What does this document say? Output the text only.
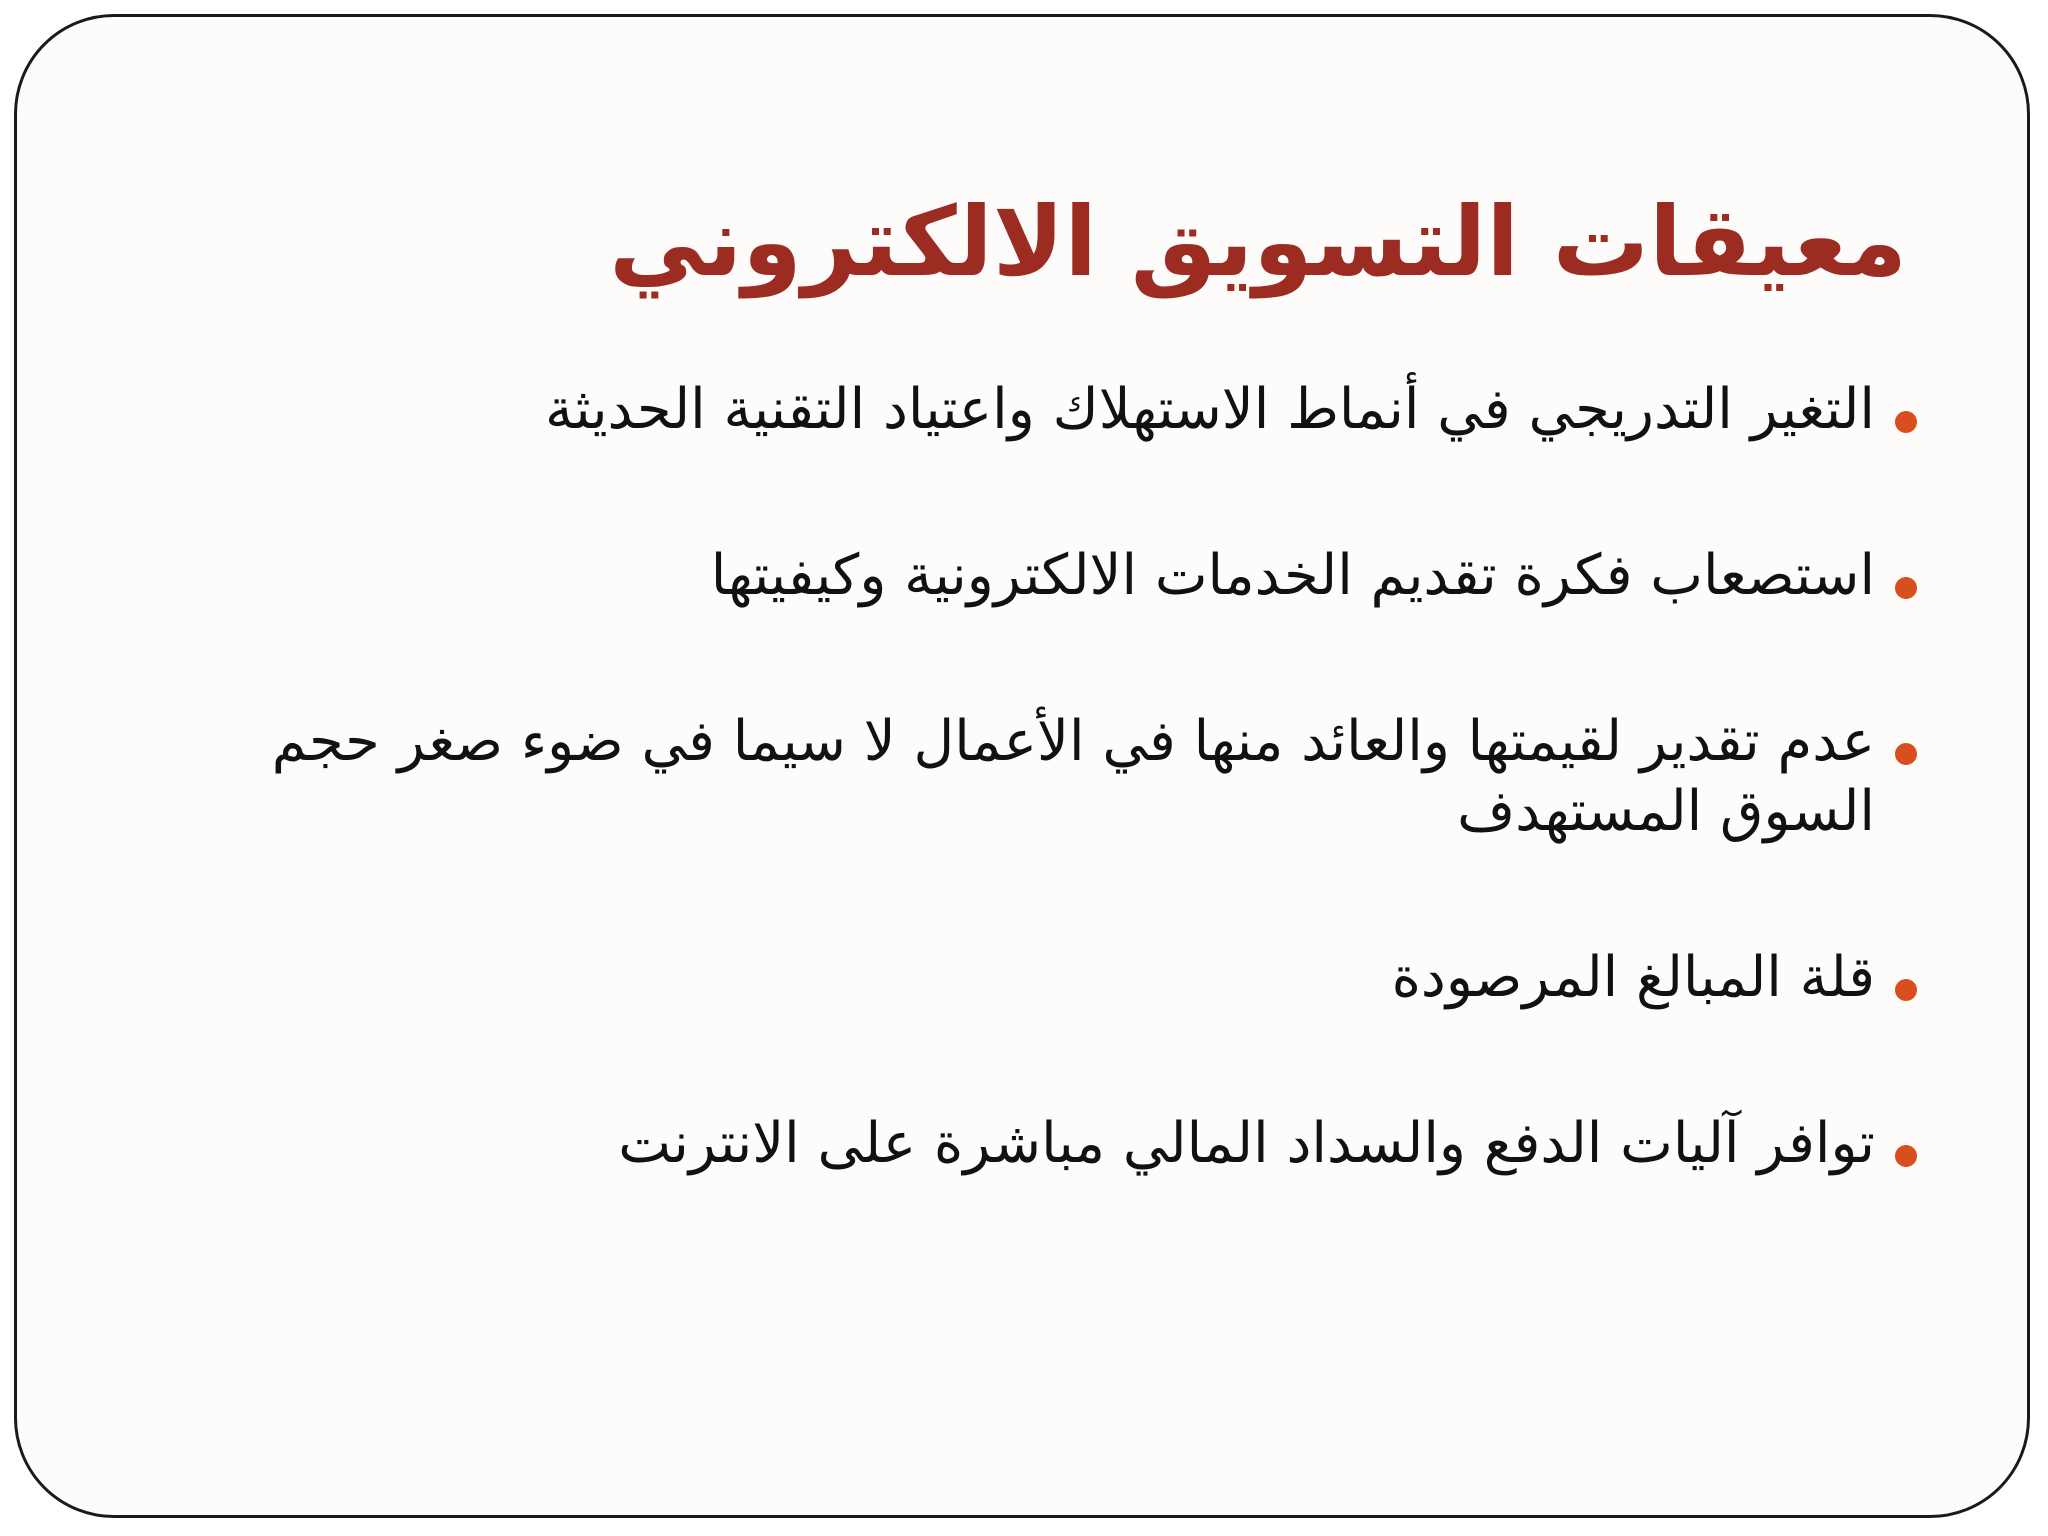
معيقات التسويق الالكتروني
التغير التدريجي في أنماط الاستهلاك واعتياد التقنية الحديثة
استصعاب فكرة تقديم الخدمات الالكترونية وكيفيتها
عدم تقدير لقيمتها والعائد منها في الأعمال لا سيما في ضوء صغر حجم السوق المستهدف
قلة المبالغ المرصودة
توافر آليات الدفع والسداد المالي مباشرة على الانترنت
